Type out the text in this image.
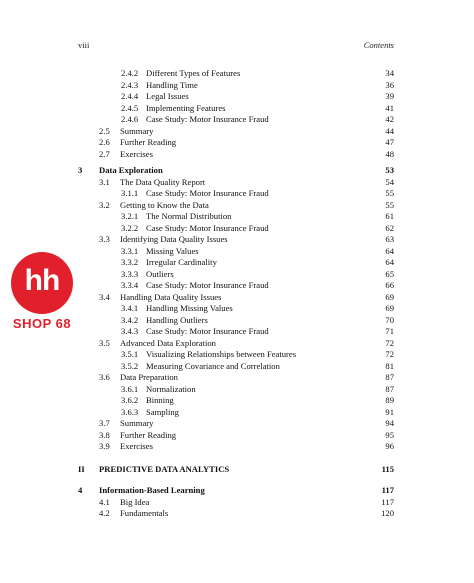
viii	Contents
hh
SHOP 68
2.4.2 Different Types of Features	34
2.4.3 Handling Time	36
2.4.4 Legal Issues	39
2.4.5 Implementing Features	41
2.4.6 Case Study: Motor Insurance Fraud	42
2.5 Summary	44
2.6 Further Reading	47
2.7 Exercises	48
3 Data Exploration	53
3.1 The Data Quality Report	54
3.1.1 Case Study: Motor Insurance Fraud	55
3.2 Getting to Know the Data	55
3.2.1 The Normal Distribution	61
3.2.2 Case Study: Motor Insurance Fraud	62
3.3 Identifying Data Quality Issues	63
3.3.1 Missing Values	64
3.3.2 Irregular Cardinality	64
3.3.3 Outliers	65
3.3.4 Case Study: Motor Insurance Fraud	66
3.4 Handling Data Quality Issues	69
3.4.1 Handling Missing Values	69
3.4.2 Handling Outliers	70
3.4.3 Case Study: Motor Insurance Fraud	71
3.5 Advanced Data Exploration	72
3.5.1 Visualizing Relationships between Features	72
3.5.2 Measuring Covariance and Correlation	81
3.6 Data Preparation	87
3.6.1 Normalization	87
3.6.2 Binning	89
3.6.3 Sampling	91
3.7 Summary	94
3.8 Further Reading	95
3.9 Exercises	96
II PREDICTIVE DATA ANALYTICS	115
4 Information-Based Learning	117
4.1 Big Idea	117
4.2 Fundamentals	120
